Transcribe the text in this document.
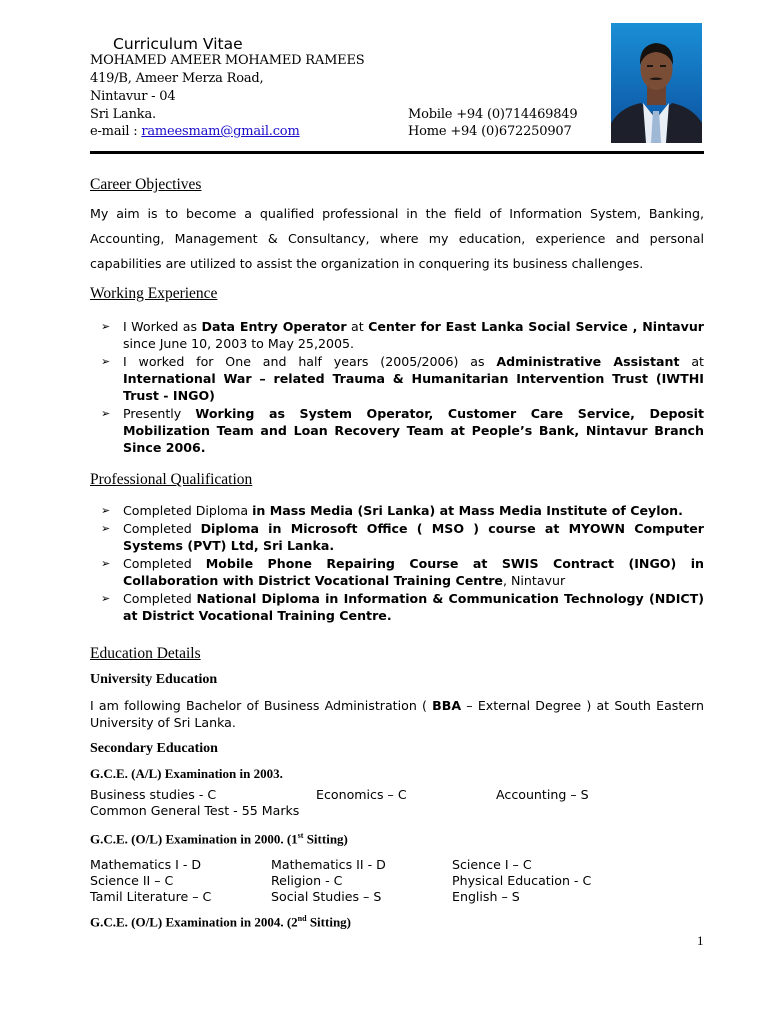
Curriculum Vitae
MOHAMED AMEER MOHAMED RAMEES
419/B, Ameer Merza Road,
Nintavur - 04
Sri Lanka.
e-mail : rameesmam@gmail.com
Mobile +94 (0)714469849
Home +94 (0)672250907
Career Objectives
My aim is to become a qualified professional in the field of Information System, Banking, Accounting, Management & Consultancy, where my education, experience and personal capabilities are utilized to assist the organization in conquering its business challenges.
Working Experience
➢ I Worked as Data Entry Operator at Center for East Lanka Social Service , Nintavur since June 10, 2003 to May 25,2005.
➢ I worked for One and half years (2005/2006) as Administrative Assistant at International War – related Trauma & Humanitarian Intervention Trust (IWTHI Trust - INGO)
➢ Presently Working as System Operator, Customer Care Service, Deposit Mobilization Team and Loan Recovery Team at People’s Bank, Nintavur Branch Since 2006.
Professional Qualification
➢ Completed Diploma in Mass Media (Sri Lanka) at Mass Media Institute of Ceylon.
➢ Completed Diploma in Microsoft Office ( MSO ) course at MYOWN Computer Systems (PVT) Ltd, Sri Lanka.
➢ Completed Mobile Phone Repairing Course at SWIS Contract (INGO) in Collaboration with District Vocational Training Centre, Nintavur
➢ Completed National Diploma in Information & Communication Technology (NDICT) at District Vocational Training Centre.
Education Details
University Education
I am following Bachelor of Business Administration ( BBA – External Degree ) at South Eastern University of Sri Lanka.
Secondary Education
G.C.E. (A/L) Examination in 2003.
Business studies - C	Economics – C	Accounting – S
Common General Test - 55 Marks
G.C.E. (O/L) Examination in 2000. (1st Sitting)
Mathematics I - D	Mathematics II - D	Science I – C
Science II – C	Religion - C	Physical Education - C
Tamil Literature – C	Social Studies – S	English – S
G.C.E. (O/L) Examination in 2004. (2nd Sitting)
1
